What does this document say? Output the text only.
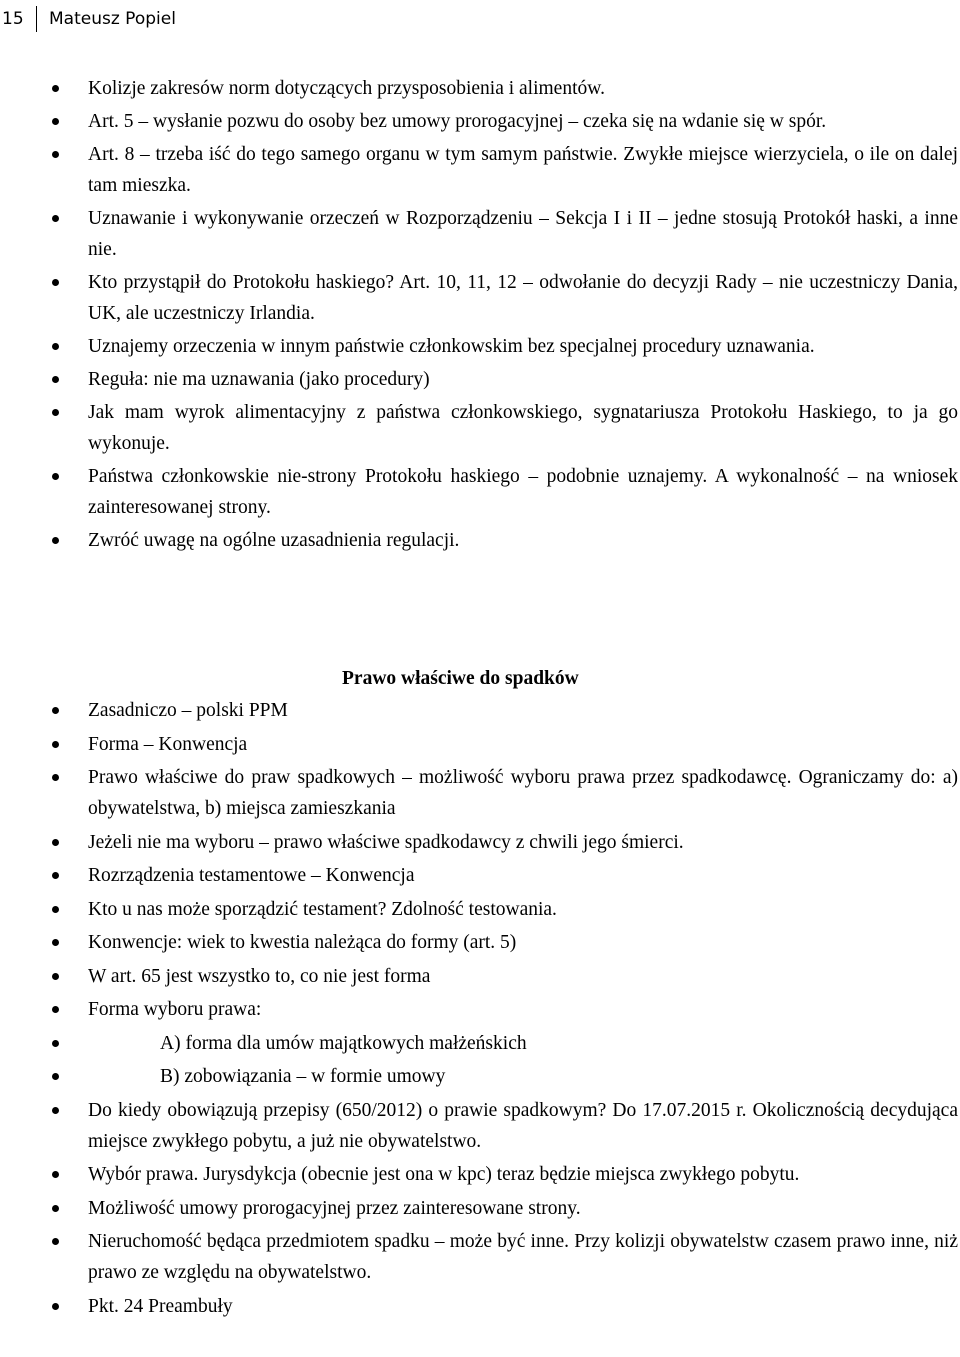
15	Mateusz Popiel
Kolizje zakresów norm dotyczących przysposobienia i alimentów.
Art. 5 – wysłanie pozwu do osoby bez umowy prorogacyjnej – czeka się na wdanie się w spór.
Art. 8 – trzeba iść do tego samego organu w tym samym państwie. Zwykłe miejsce wierzyciela, o ile on dalej tam mieszka.
Uznawanie i wykonywanie orzeczeń w Rozporządzeniu – Sekcja I i II – jedne stosują Protokół haski, a inne nie.
Kto przystąpił do Protokołu haskiego? Art. 10, 11, 12 – odwołanie do decyzji Rady – nie uczestniczy Dania, UK, ale uczestniczy Irlandia.
Uznajemy orzeczenia w innym państwie członkowskim bez specjalnej procedury uznawania.
Reguła: nie ma uznawania (jako procedury)
Jak mam wyrok alimentacyjny z państwa członkowskiego, sygnatariusza Protokołu Haskiego, to ja go wykonuje.
Państwa członkowskie nie-strony Protokołu haskiego – podobnie uznajemy. A wykonalność – na wniosek zainteresowanej strony.
Zwróć uwagę na ogólne uzasadnienia regulacji.
Prawo właściwe do spadków
Zasadniczo – polski PPM
Forma – Konwencja
Prawo właściwe do praw spadkowych – możliwość wyboru prawa przez spadkodawcę. Ograniczamy do: a) obywatelstwa, b) miejsca zamieszkania
Jeżeli nie ma wyboru – prawo właściwe spadkodawcy z chwili jego śmierci.
Rozrządzenia testamentowe – Konwencja
Kto u nas może sporządzić testament? Zdolność testowania.
Konwencje: wiek to kwestia należąca do formy (art. 5)
W art. 65 jest wszystko to, co nie jest forma
Forma wyboru prawa:
A) forma dla umów majątkowych małżeńskich
B) zobowiązania – w formie umowy
Do kiedy obowiązują przepisy (650/2012) o prawie spadkowym? Do 17.07.2015 r. Okolicznością decydująca miejsce zwykłego pobytu, a już nie obywatelstwo.
Wybór prawa. Jurysdykcja (obecnie jest ona w kpc) teraz będzie miejsca zwykłego pobytu.
Możliwość umowy prorogacyjnej przez zainteresowane strony.
Nieruchomość będąca przedmiotem spadku – może być inne. Przy kolizji obywatelstw czasem prawo inne, niż prawo ze względu na obywatelstwo.
Pkt. 24 Preambuły
